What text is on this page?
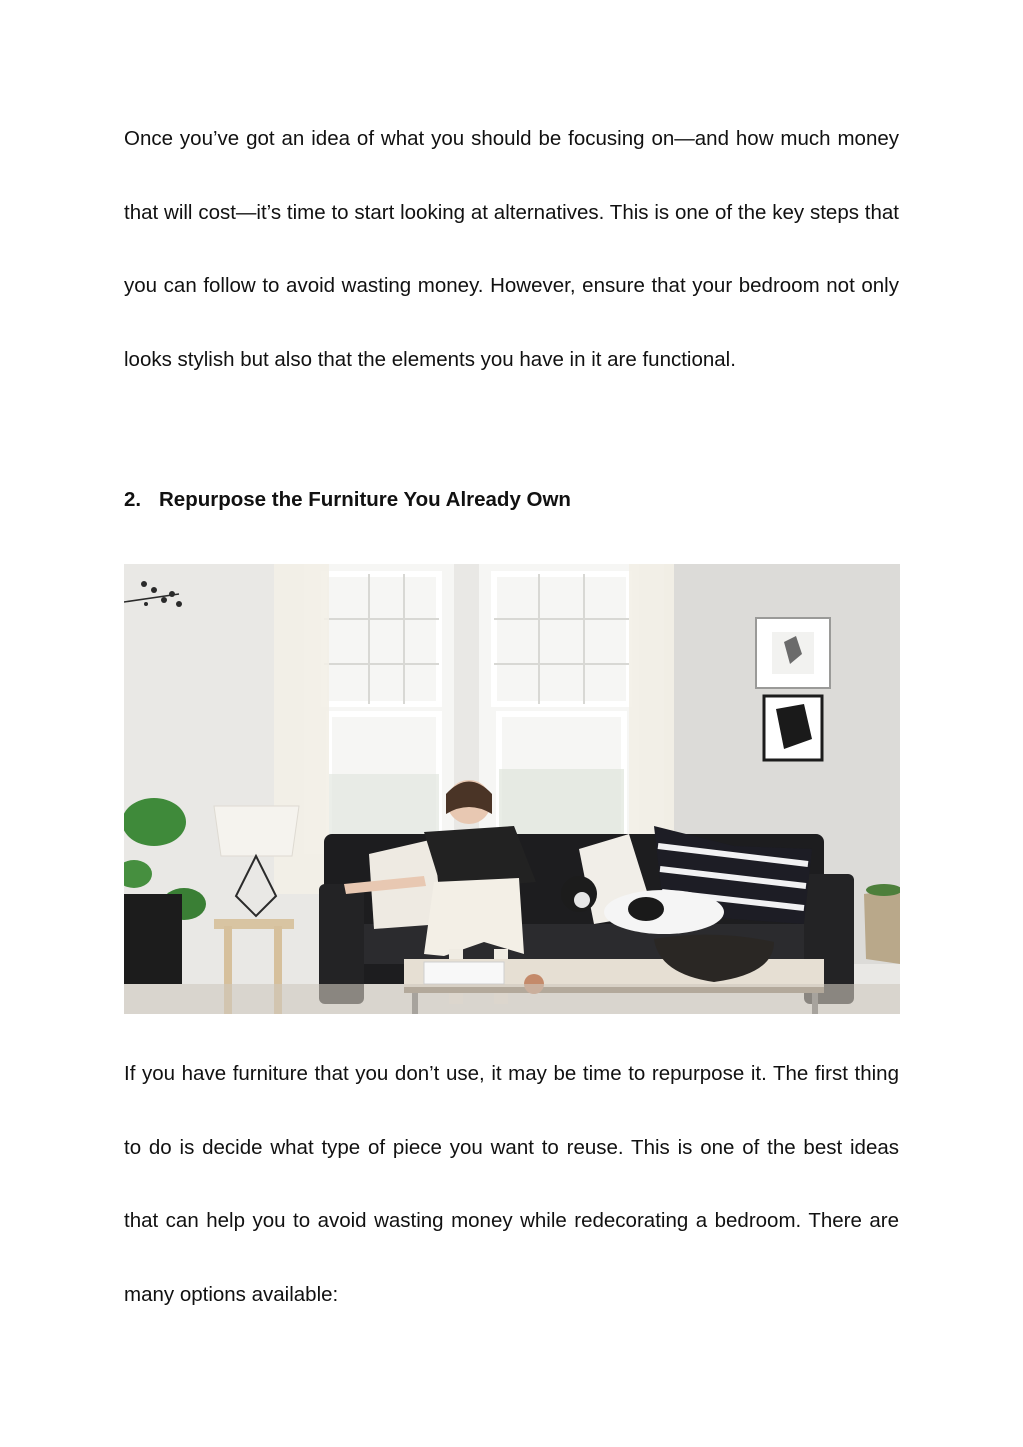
Once you’ve got an idea of what you should be focusing on—and how much money that will cost—it’s time to start looking at alternatives. This is one of the key steps that you can follow to avoid wasting money. However, ensure that your bedroom not only looks stylish but also that the elements you have in it are functional.

2. Repurpose the Furniture You Already Own

If you have furniture that you don’t use, it may be time to repurpose it. The first thing to do is decide what type of piece you want to reuse. This is one of the best ideas that can help you to avoid wasting money while redecorating a bedroom. There are many options available:
